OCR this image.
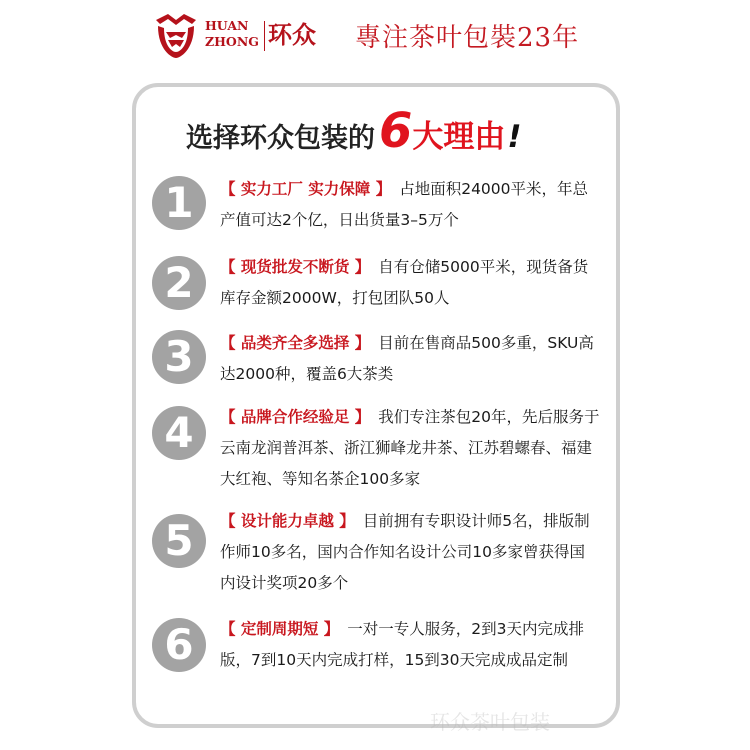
HUAN
ZHONG 环众 專注茶叶包裝23年
选择环众包装的6大理由!
1	【 实力工厂 实力保障 】 占地面积24000平米，年总产值可达2个亿，日出货量3–5万个
2	【 现货批发不断货 】 自有仓储5000平米，现货备货库存金额2000W，打包团队50人
3	【 品类齐全多选择 】 目前在售商品500多重，SKU高达2000种，覆盖6大茶类
4	【 品牌合作经验足 】 我们专注茶包20年，先后服务于云南龙润普洱茶、浙江狮峰龙井茶、江苏碧螺春、福建大红袍、等知名茶企100多家
5	【 设计能力卓越 】 目前拥有专职设计师5名，排版制作师10多名，国内合作知名设计公司10多家曾获得国内设计奖项20多个
6	【 定制周期短 】 一对一专人服务，2到3天内完成排版，7到10天内完成打样，15到30天完成成品定制
环众茶叶包装
